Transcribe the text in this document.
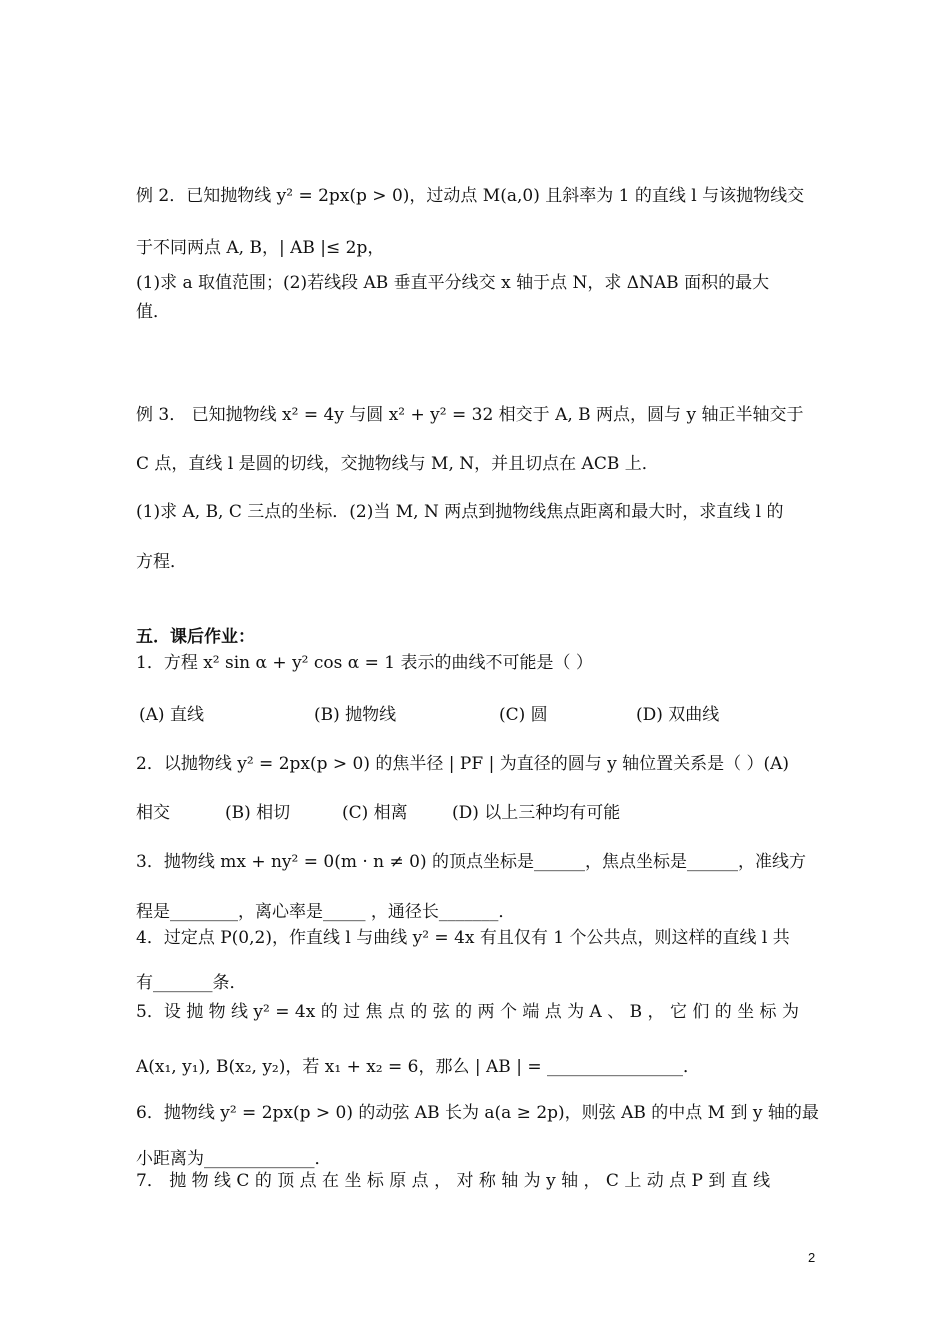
例 2．已知抛物线 y² = 2px(p > 0)，过动点 M(a,0) 且斜率为 1 的直线 l 与该抛物线交
于不同两点 A, B，| AB |≤ 2p，
(1)求 a 取值范围；(2)若线段 AB 垂直平分线交 x 轴于点 N，求 ΔNAB 面积的最大
值．
例 3． 已知抛物线 x² = 4y 与圆 x² + y² = 32 相交于 A, B 两点，圆与 y 轴正半轴交于
C 点，直线 l 是圆的切线，交抛物线与 M, N，并且切点在 ACB 上．
(1)求 A, B, C 三点的坐标．(2)当 M, N 两点到抛物线焦点距离和最大时，求直线 l 的
方程．
五．课后作业：
1．方程 x² sin α + y² cos α = 1 表示的曲线不可能是（ ）
(A) 直线	(B) 抛物线	(C) 圆	(D) 双曲线
2．以抛物线 y² = 2px(p > 0) 的焦半径 | PF | 为直径的圆与 y 轴位置关系是（ ）(A)
相交	(B) 相切	(C) 相离	(D) 以上三种均有可能
3．抛物线 mx + ny² = 0(m · n ≠ 0) 的顶点坐标是______，焦点坐标是______，准线方
程是________，离心率是_____ ，通径长_______．
4．过定点 P(0,2)，作直线 l 与曲线 y² = 4x 有且仅有 1 个公共点，则这样的直线 l 共
有_______条．
5．设 抛 物 线 y² = 4x 的 过 焦 点 的 弦 的 两 个 端 点 为 A 、 B ， 它 们 的 坐 标 为
A(x₁, y₁), B(x₂, y₂)，若 x₁ + x₂ = 6，那么 | AB | = ________________．
6．抛物线 y² = 2px(p > 0) 的动弦 AB 长为 a(a ≥ 2p)，则弦 AB 的中点 M 到 y 轴的最
小距离为_____________．
7． 抛 物 线 C 的 顶 点 在 坐 标 原 点 ， 对 称 轴 为 y 轴 ， C 上 动 点 P 到 直 线
2
